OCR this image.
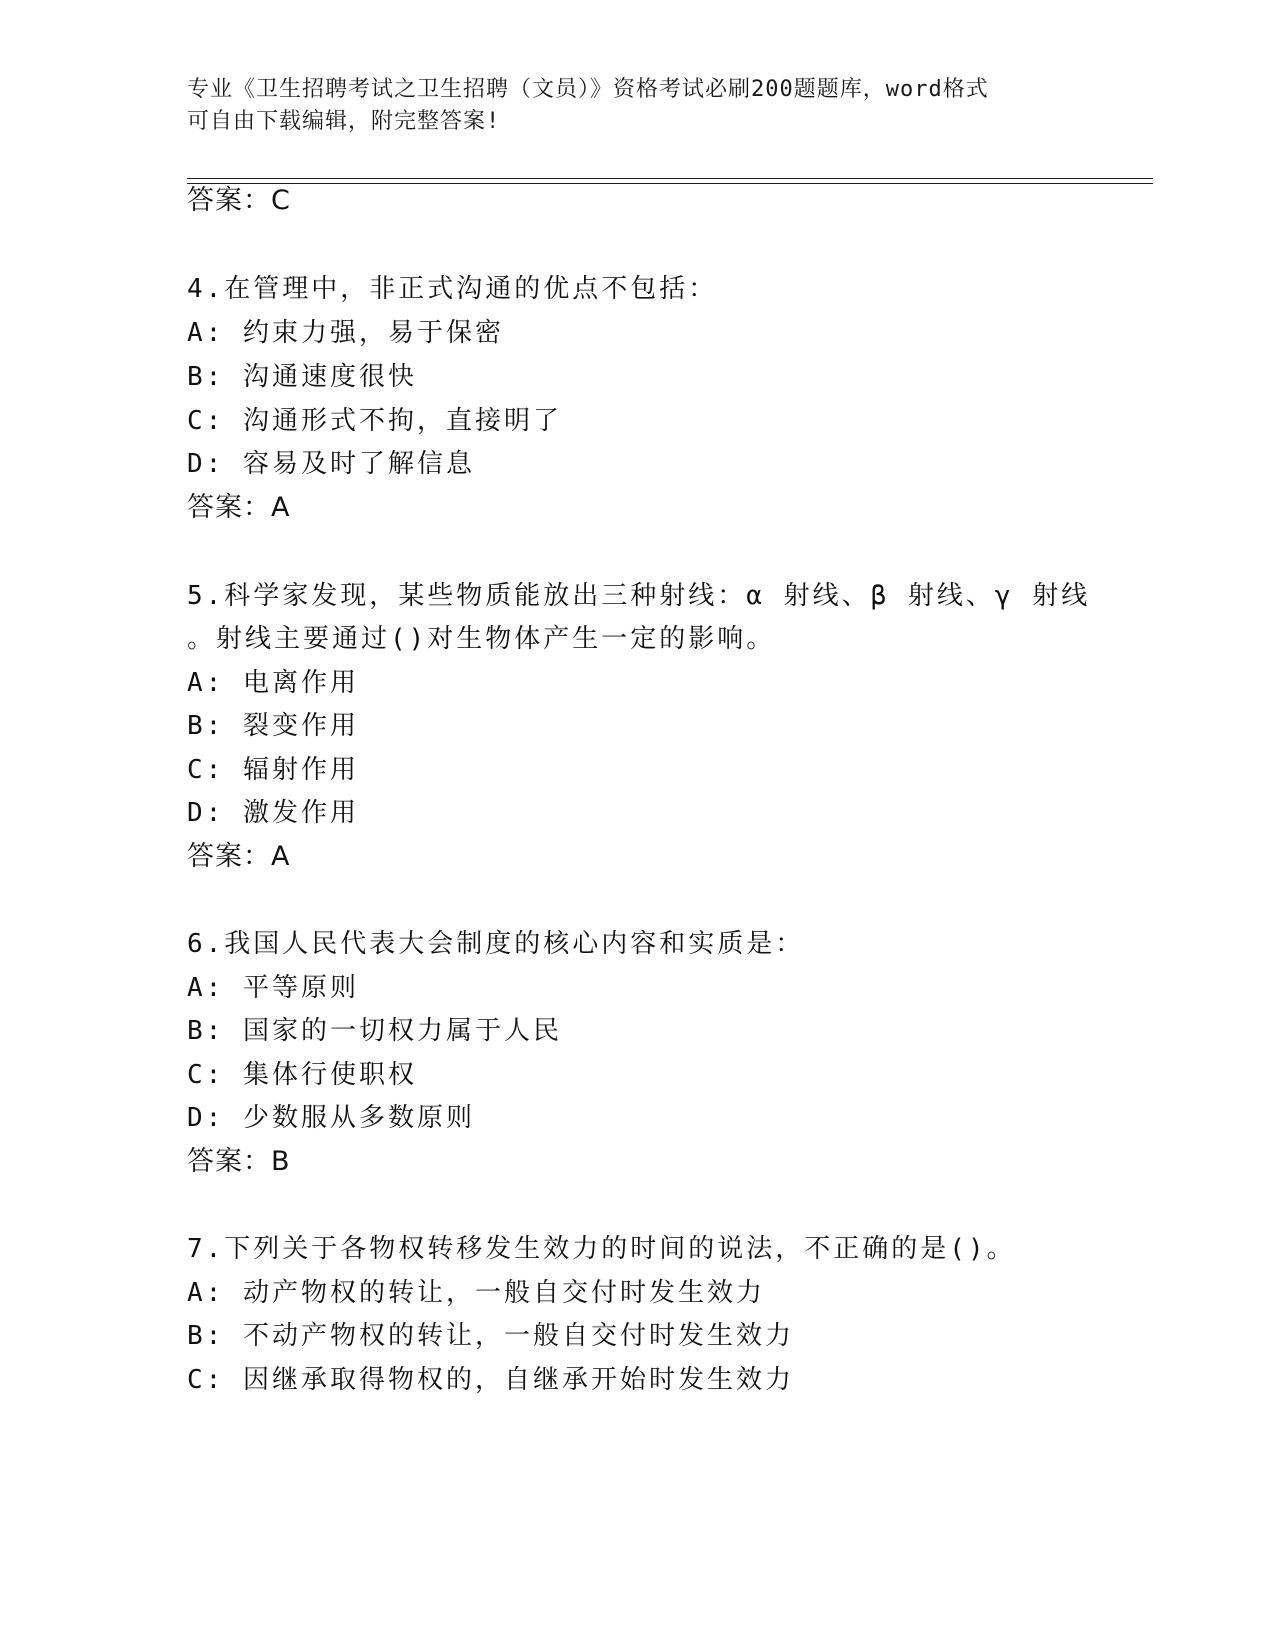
专业《卫生招聘考试之卫生招聘（文员）》资格考试必刷200题题库，word格式
可自由下载编辑，附完整答案!
答案：C
4.在管理中，非正式沟通的优点不包括：
A: 约束力强，易于保密
B: 沟通速度很快
C: 沟通形式不拘，直接明了
D: 容易及时了解信息
答案：A
5.科学家发现，某些物质能放出三种射线：α 射线、β 射线、γ 射线
。射线主要通过()对生物体产生一定的影响。
A: 电离作用
B: 裂变作用
C: 辐射作用
D: 激发作用
答案：A
6.我国人民代表大会制度的核心内容和实质是：
A: 平等原则
B: 国家的一切权力属于人民
C: 集体行使职权
D: 少数服从多数原则
答案：B
7.下列关于各物权转移发生效力的时间的说法，不正确的是()。
A: 动产物权的转让，一般自交付时发生效力
B: 不动产物权的转让，一般自交付时发生效力
C: 因继承取得物权的，自继承开始时发生效力
